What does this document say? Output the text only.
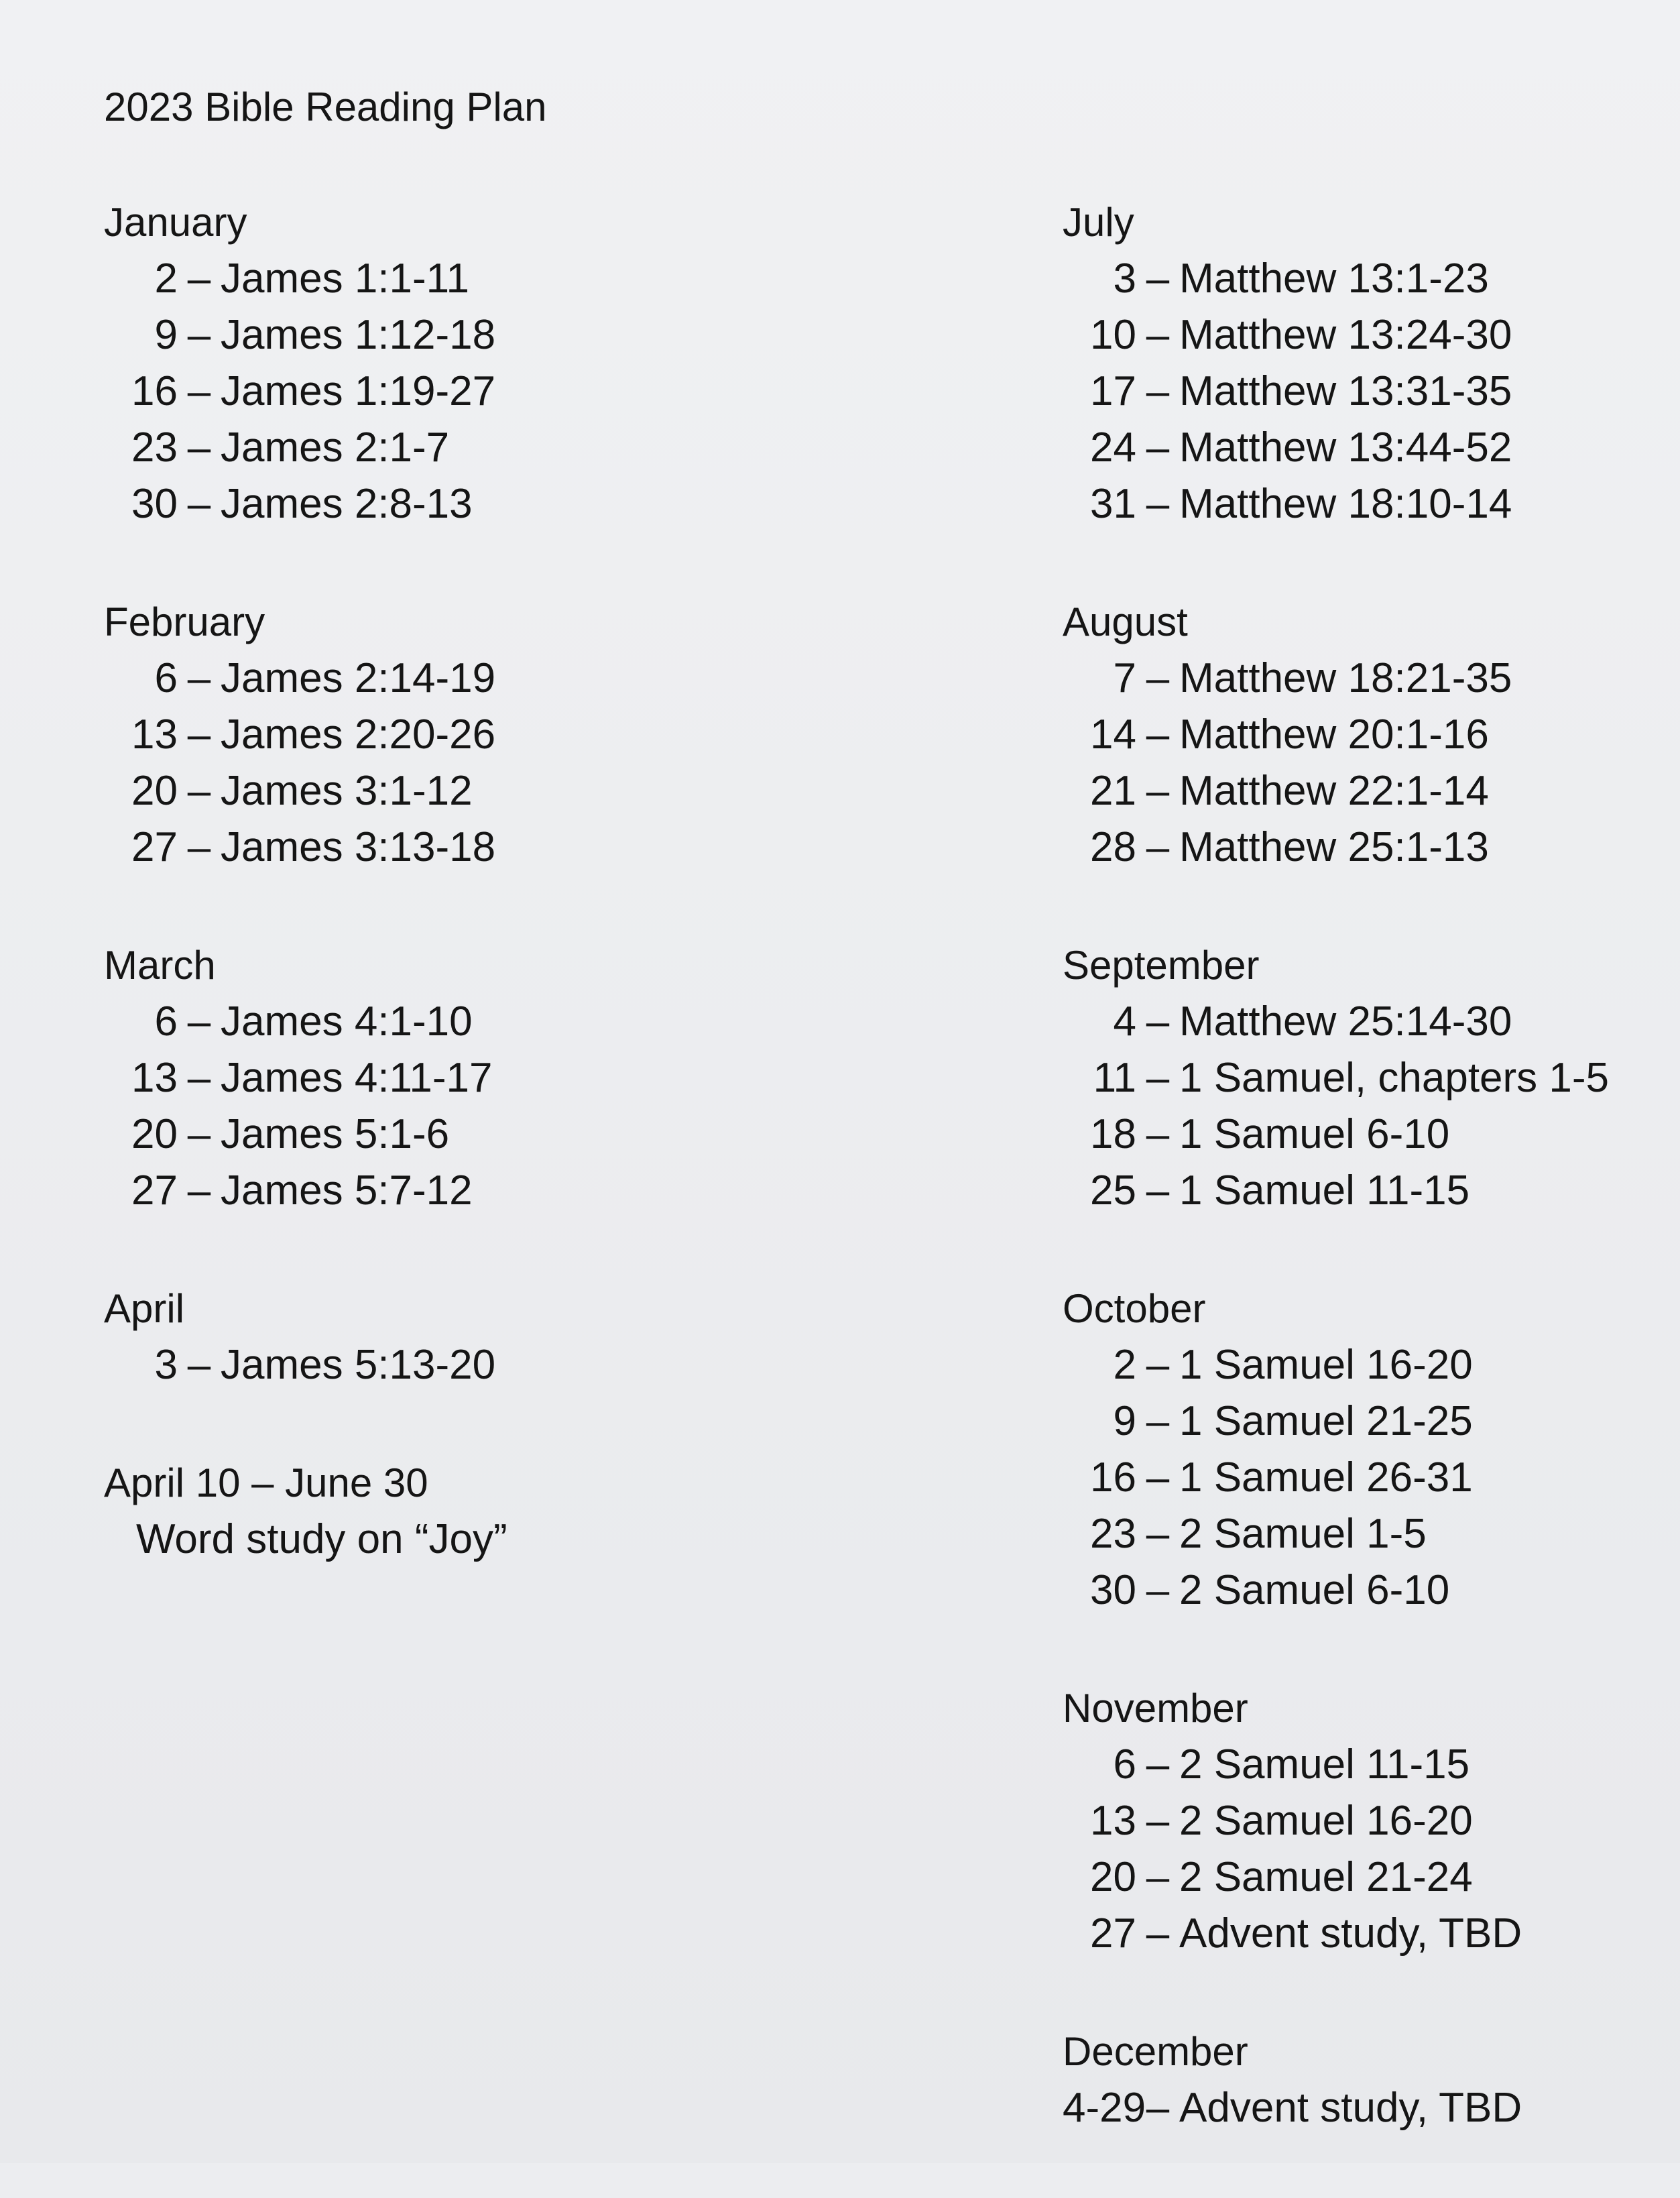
2023 Bible Reading Plan
January
2 – James 1:1-11
9 – James 1:12-18
16 – James 1:19-27
23 – James 2:1-7
30 – James 2:8-13
February
6 – James 2:14-19
13 – James 2:20-26
20 – James 3:1-12
27 – James 3:13-18
March
6 – James 4:1-10
13 – James 4:11-17
20 – James 5:1-6
27 – James 5:7-12
April
3 – James 5:13-20
April 10 – June 30
Word study on “Joy”
July
3 – Matthew 13:1-23
10 – Matthew 13:24-30
17 – Matthew 13:31-35
24 – Matthew 13:44-52
31 – Matthew 18:10-14
August
7 – Matthew 18:21-35
14 – Matthew 20:1-16
21 – Matthew 22:1-14
28 – Matthew 25:1-13
September
4 – Matthew 25:14-30
11 – 1 Samuel, chapters 1-5
18 – 1 Samuel 6-10
25 – 1 Samuel 11-15
October
2 – 1 Samuel 16-20
9 – 1 Samuel 21-25
16 – 1 Samuel 26-31
23 – 2 Samuel 1-5
30 – 2 Samuel 6-10
November
6 – 2 Samuel 11-15
13 – 2 Samuel 16-20
20 – 2 Samuel 21-24
27 – Advent study, TBD
December
4-29– Advent study, TBD
